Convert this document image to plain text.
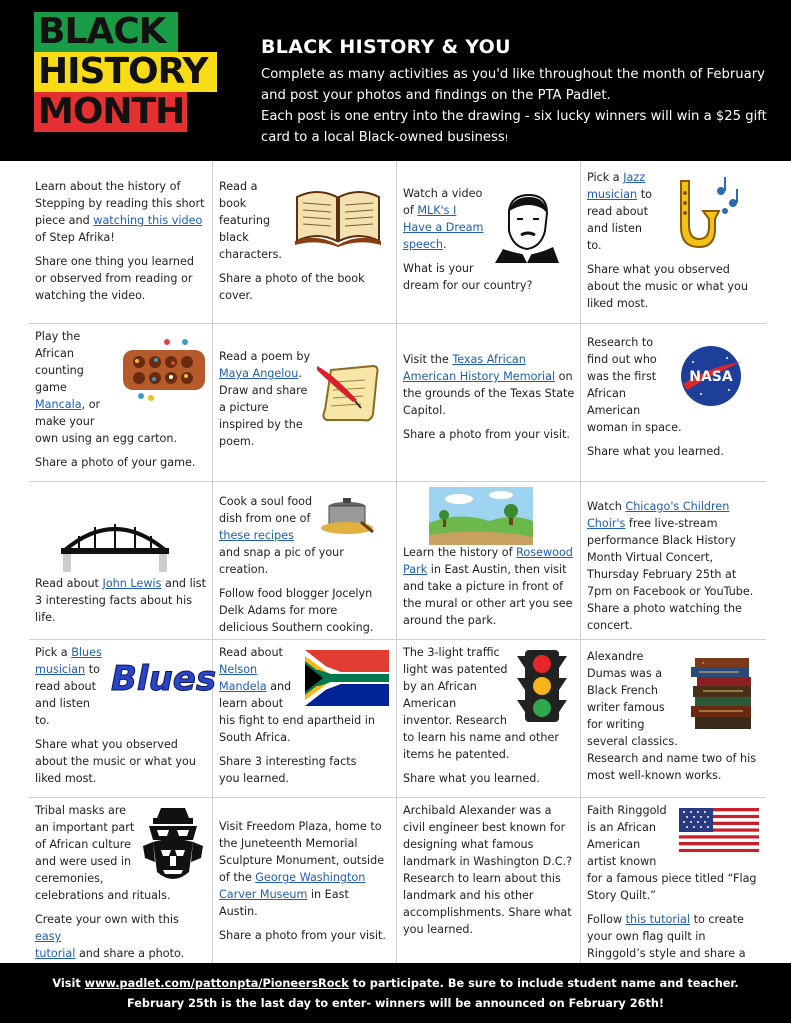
BLACK
HISTORY
MONTH
BLACK HISTORY & YOU
Complete as many activities as you'd like throughout the month of February
and post your photos and findings on the PTA Padlet.
Each post is one entry into the drawing - six lucky winners will win a $25 gift
card to a local Black-owned business!

Learn about the history of
Stepping by reading this short
piece and watching this video
of Step Afrika!

Share one thing you learned or observed from reading or watching the video.

Read a
book
featuring
black
characters.

Share a photo of the book cover.

Watch a video
of MLK's I
Have a Dream
speech.

What is your
dream for our country?

Pick a Jazz
musician to
read about
and listen
to.

Share what you observed about the music or what you liked most.

Play the
African
counting
game
Mancala, or
make your
own using an egg carton.

Share a photo of your game.

Read a poem by
Maya Angelou.
Draw and share
a picture
inspired by the
poem.

Visit the Texas African American History Memorial on the grounds of the Texas State Capitol.

Share a photo from your visit.

Research to
find out who
was the first
African
American
woman in space.

Share what you learned.

NASA

Read about John Lewis and list 3 interesting facts about his life.

Cook a soul food
dish from one of
these recipes
and snap a pic of your creation.

Follow food blogger Jocelyn Delk Adams for more delicious Southern cooking.

Learn the history of Rosewood Park in East Austin, then visit and take a picture in front of the mural or other art you see around the park.

Watch Chicago's Children Choir's free live-stream performance Black History Month Virtual Concert, Thursday February 25th at 7pm on Facebook or YouTube. Share a photo watching the concert.

Pick a Blues
musician to
read about
and listen
to.

Share what you observed about the music or what you liked most.

Blues

Read about
Nelson
Mandela and
learn about
his fight to end apartheid in South Africa.

Share 3 interesting facts you learned.

The 3-light traffic
light was patented
by an African
American
inventor. Research
to learn his name and other items he patented.

Share what you learned.

Alexandre
Dumas was a
Black French
writer famous
for writing
several classics.
Research and name two of his most well-known works.

Tribal masks are
an important part
of African culture
and were used in
ceremonies,
celebrations and rituals.

Create your own with this easy
tutorial and share a photo.

Visit Freedom Plaza, home to the Juneteenth Memorial Sculpture Monument, outside of the George Washington Carver Museum in East Austin.

Share a photo from your visit.

Archibald Alexander was a civil engineer best known for designing what famous landmark in Washington D.C.? Research to learn about this landmark and his other accomplishments. Share what you learned.

Faith Ringgold
is an African
American
artist known
for a famous piece titled “Flag Story Quilt.”

Follow this tutorial to create your own flag quilt in Ringgold’s style and share a

Visit www.padlet.com/pattonpta/PioneersRock to participate. Be sure to include student name and teacher.
February 25th is the last day to enter- winners will be announced on February 26th!
